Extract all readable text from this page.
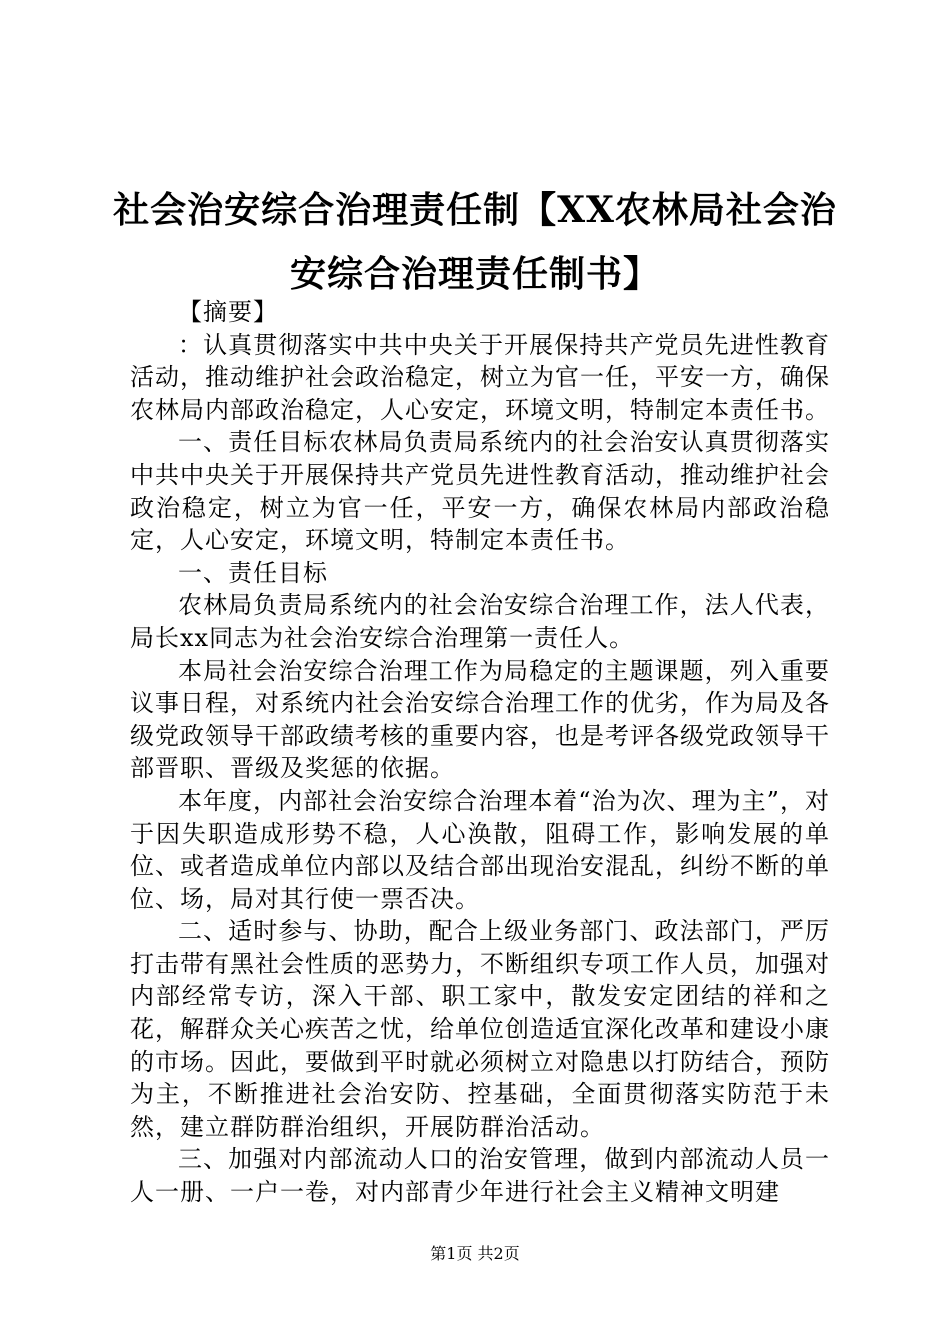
社会治安综合治理责任制【XX农林局社会治
安综合治理责任制书】

【摘要】

：认真贯彻落实中共中央关于开展保持共产党员先进性教育活动，推动维护社会政治稳定，树立为官一任，平安一方，确保农林局内部政治稳定，人心安定，环境文明，特制定本责任书。

一、责任目标农林局负责局系统内的社会治安认真贯彻落实中共中央关于开展保持共产党员先进性教育活动，推动维护社会政治稳定，树立为官一任，平安一方，确保农林局内部政治稳定，人心安定，环境文明，特制定本责任书。

一、责任目标

农林局负责局系统内的社会治安综合治理工作，法人代表，局长xx同志为社会治安综合治理第一责任人。

本局社会治安综合治理工作为局稳定的主题课题，列入重要议事日程，对系统内社会治安综合治理工作的优劣，作为局及各级党政领导干部政绩考核的重要内容，也是考评各级党政领导干部晋职、晋级及奖惩的依据。

本年度，内部社会治安综合治理本着“治为次、理为主”，对于因失职造成形势不稳，人心涣散，阻碍工作，影响发展的单位、或者造成单位内部以及结合部出现治安混乱，纠纷不断的单位、场，局对其行使一票否决。

二、适时参与、协助，配合上级业务部门、政法部门，严厉打击带有黑社会性质的恶势力，不断组织专项工作人员，加强对内部经常专访，深入干部、职工家中，散发安定团结的祥和之花，解群众关心疾苦之忧，给单位创造适宜深化改革和建设小康的市场。因此，要做到平时就必须树立对隐患以打防结合，预防为主，不断推进社会治安防、控基础，全面贯彻落实防范于未然，建立群防群治组织，开展防群治活动。

三、加强对内部流动人口的治安管理，做到内部流动人员一人一册、一户一卷，对内部青少年进行社会主义精神文明建

第1页 共2页
